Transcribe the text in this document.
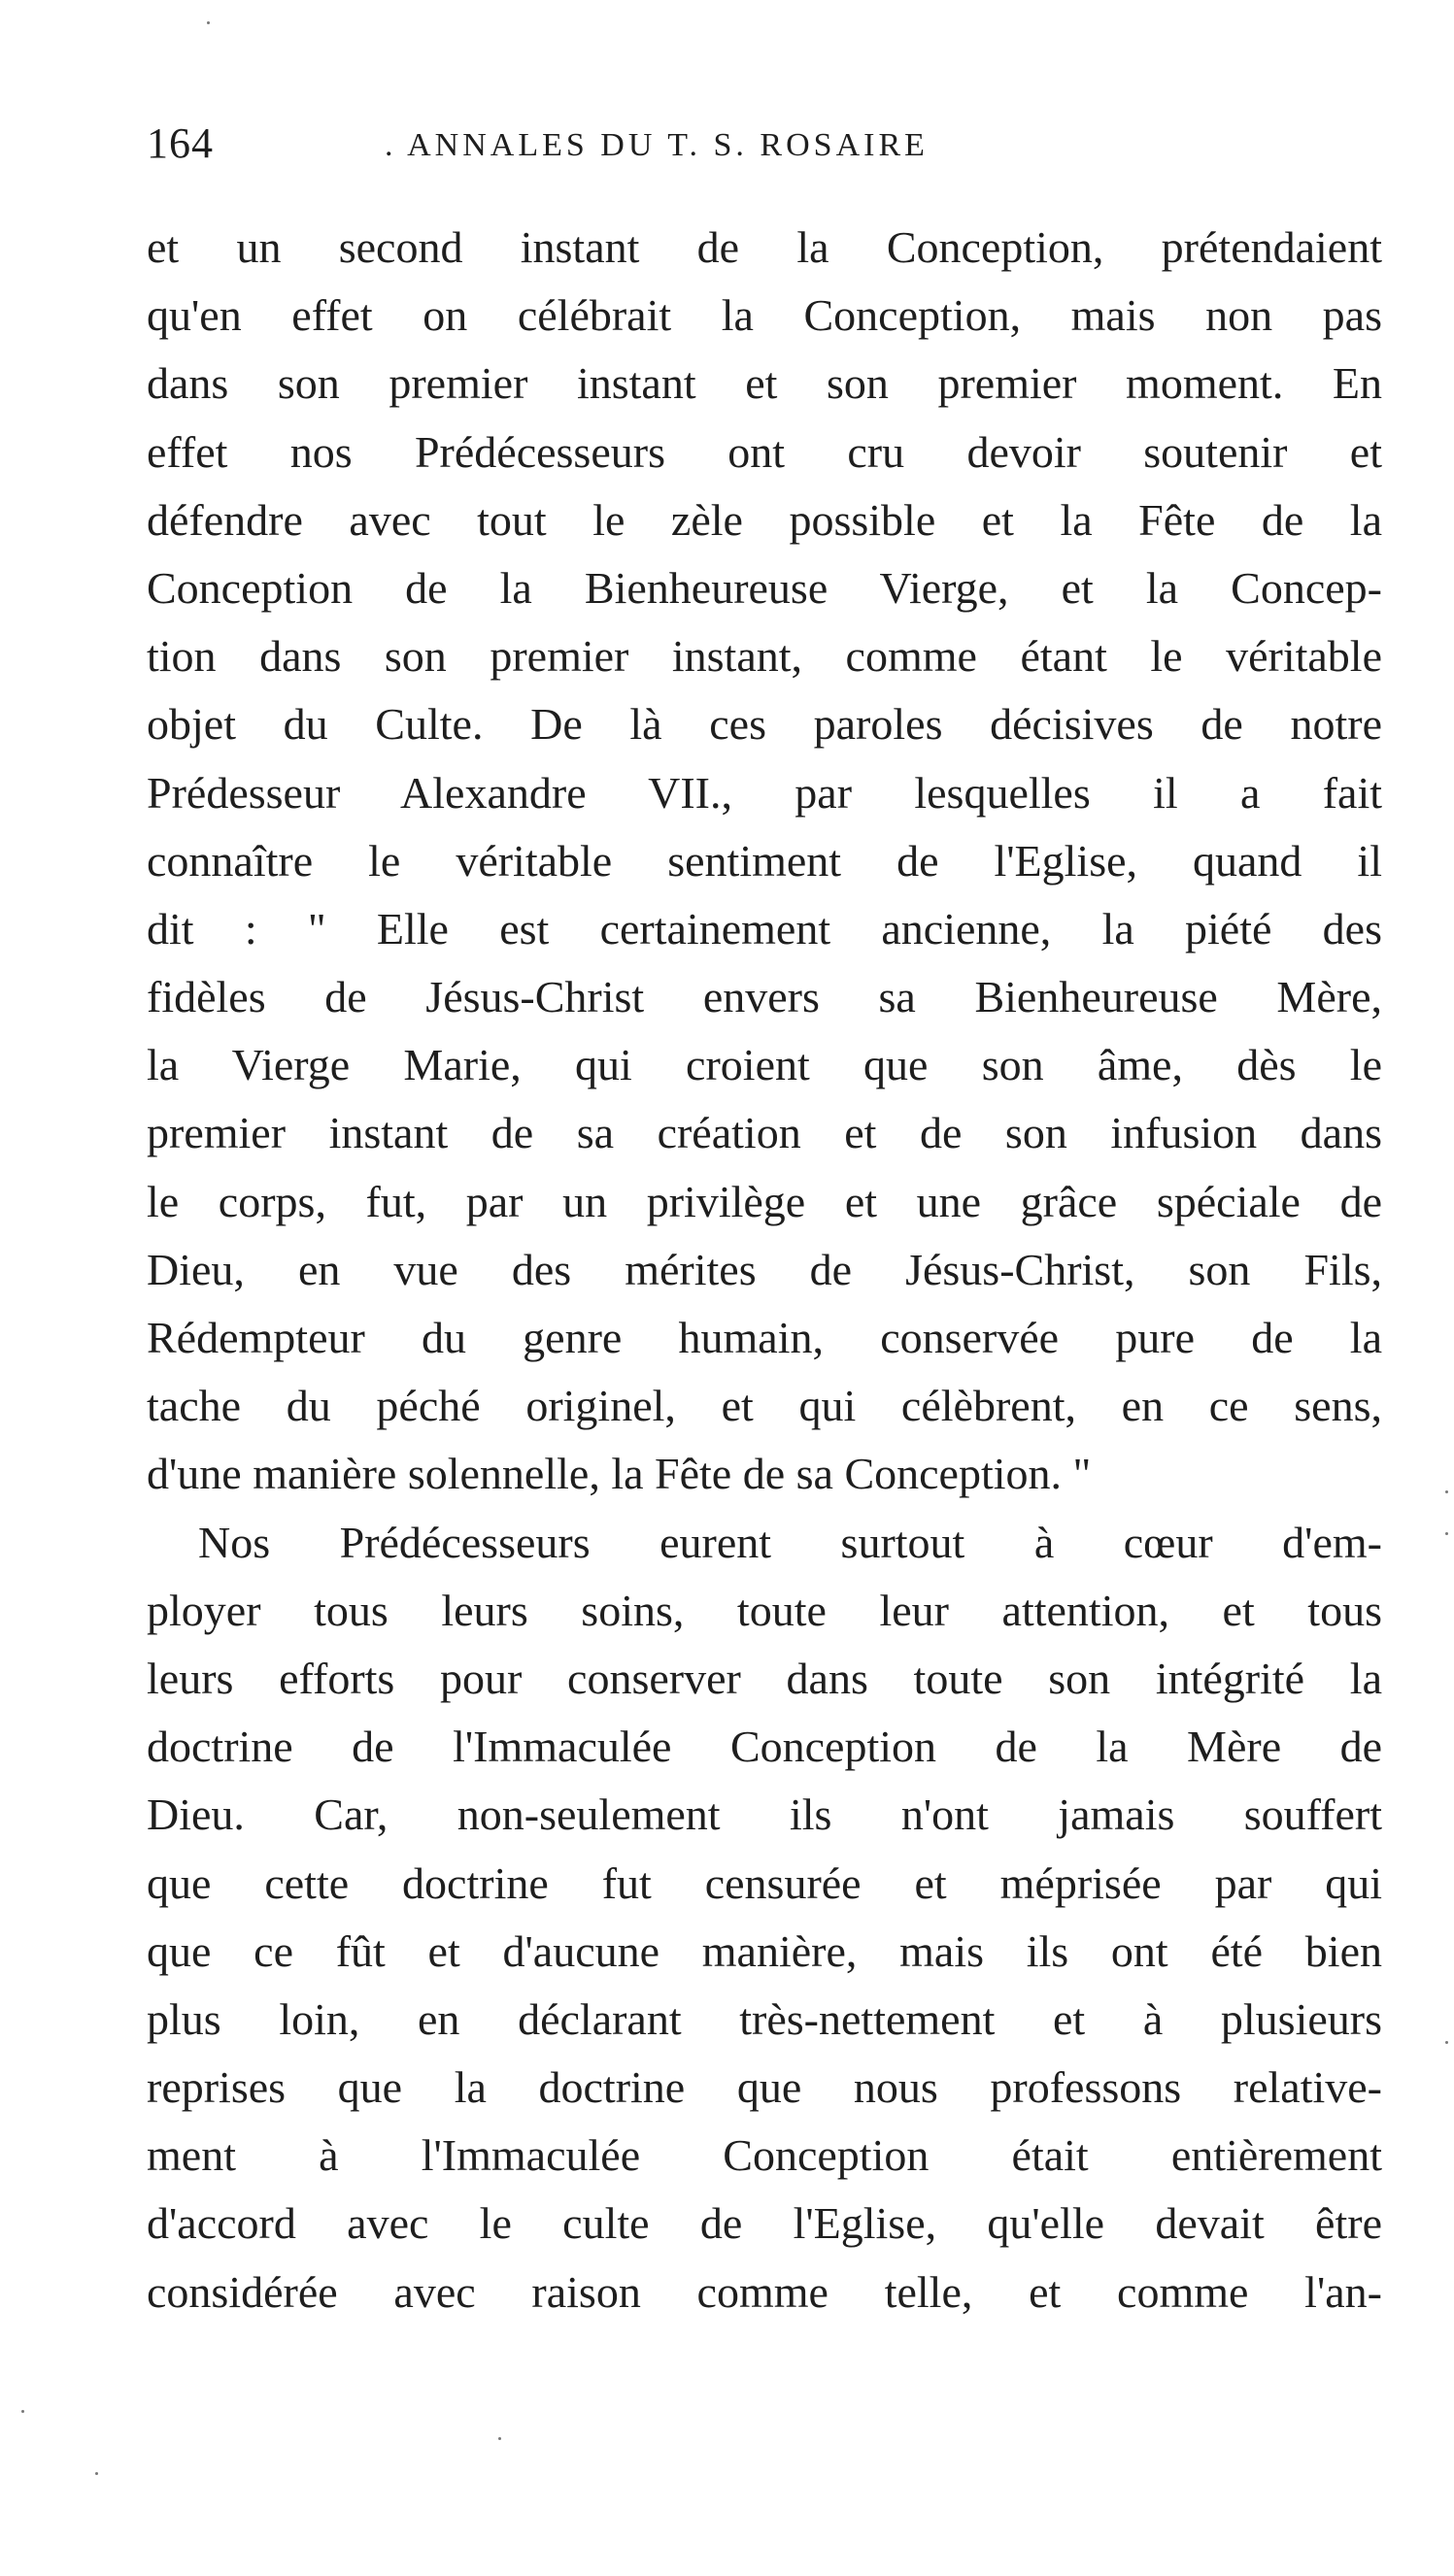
164	. ANNALES DU T. S. ROSAIRE
et un second instant de la Conception, prétendaient
qu'en effet on célébrait la Conception, mais non pas
dans son premier instant et son premier moment. En
effet nos Prédécesseurs ont cru devoir soutenir et
défendre avec tout le zèle possible et la Fête de la
Conception de la Bienheureuse Vierge, et la Concep-
tion dans son premier instant, comme étant le véritable
objet du Culte. De là ces paroles décisives de notre
Prédesseur Alexandre VII., par lesquelles il a fait
connaître le véritable sentiment de l'Eglise, quand il
dit : " Elle est certainement ancienne, la piété des
fidèles de Jésus-Christ envers sa Bienheureuse Mère,
la Vierge Marie, qui croient que son âme, dès le
premier instant de sa création et de son infusion dans
le corps, fut, par un privilège et une grâce spéciale de
Dieu, en vue des mérites de Jésus-Christ, son Fils,
Rédempteur du genre humain, conservée pure de la
tache du péché originel, et qui célèbrent, en ce sens,
d'une manière solennelle, la Fête de sa Conception. "
Nos Prédécesseurs eurent surtout à cœur d'em-
ployer tous leurs soins, toute leur attention, et tous
leurs efforts pour conserver dans toute son intégrité la
doctrine de l'Immaculée Conception de la Mère de
Dieu. Car, non-seulement ils n'ont jamais souffert
que cette doctrine fut censurée et méprisée par qui
que ce fût et d'aucune manière, mais ils ont été bien
plus loin, en déclarant très-nettement et à plusieurs
reprises que la doctrine que nous professons relative-
ment à l'Immaculée Conception était entièrement
d'accord avec le culte de l'Eglise, qu'elle devait être
considérée avec raison comme telle, et comme l'an-
